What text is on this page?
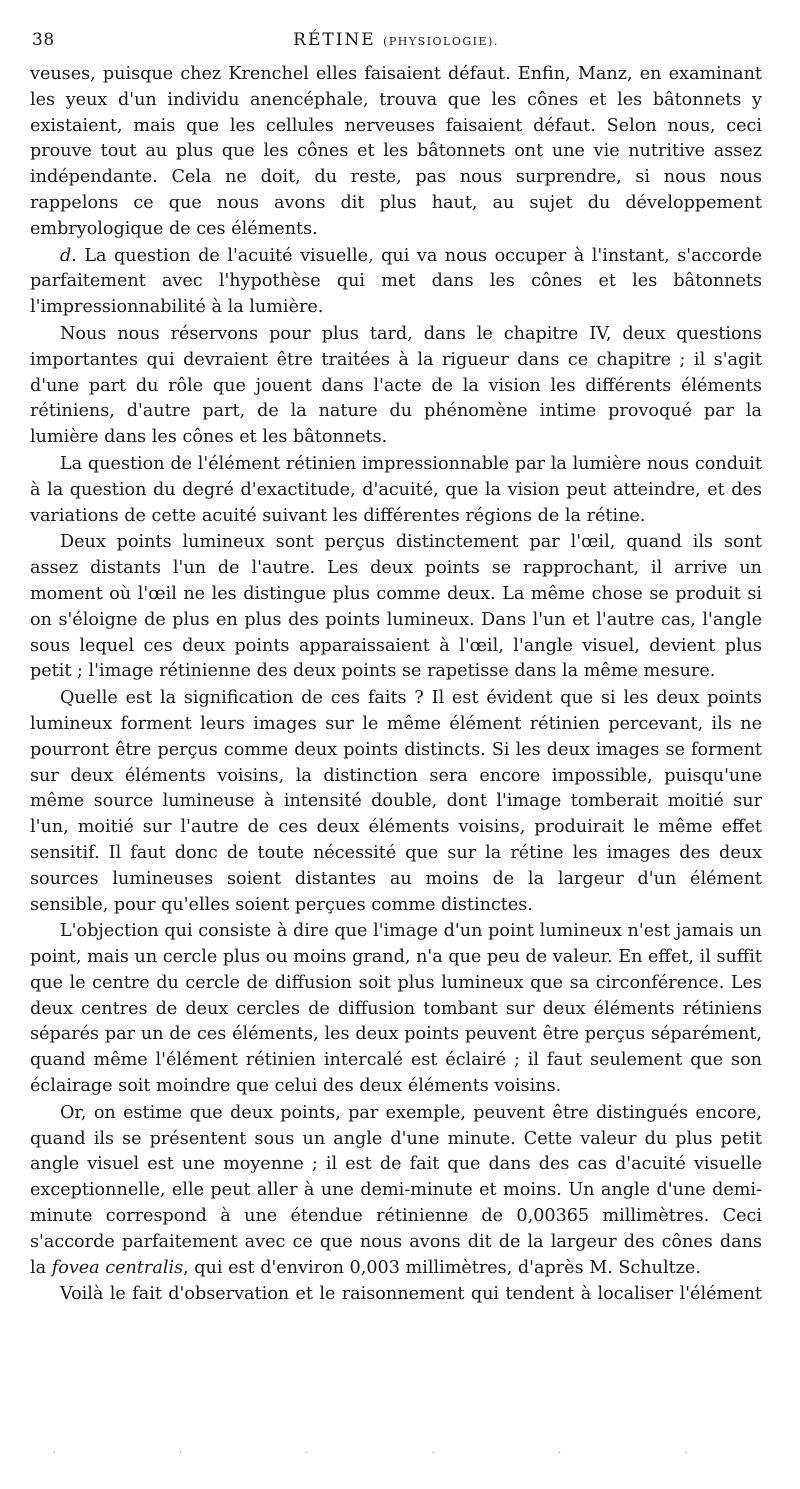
38	RÉTINE (PHYSIOLOGIE).

veuses, puisque chez Krenchel elles faisaient défaut. Enfin, Manz, en examinant les yeux d'un individu anencéphale, trouva que les cônes et les bâtonnets y existaient, mais que les cellules nerveuses faisaient défaut. Selon nous, ceci prouve tout au plus que les cônes et les bâtonnets ont une vie nutritive assez indépendante. Cela ne doit, du reste, pas nous surprendre, si nous nous rappelons ce que nous avons dit plus haut, au sujet du développement embryologique de ces éléments.

d. La question de l'acuité visuelle, qui va nous occuper à l'instant, s'accorde parfaitement avec l'hypothèse qui met dans les cônes et les bâtonnets l'impressionnabilité à la lumière.

Nous nous réservons pour plus tard, dans le chapitre IV, deux questions importantes qui devraient être traitées à la rigueur dans ce chapitre ; il s'agit d'une part du rôle que jouent dans l'acte de la vision les différents éléments rétiniens, d'autre part, de la nature du phénomène intime provoqué par la lumière dans les cônes et les bâtonnets.

La question de l'élément rétinien impressionnable par la lumière nous conduit à la question du degré d'exactitude, d'acuité, que la vision peut atteindre, et des variations de cette acuité suivant les différentes régions de la rétine.

Deux points lumineux sont perçus distinctement par l'œil, quand ils sont assez distants l'un de l'autre. Les deux points se rapprochant, il arrive un moment où l'œil ne les distingue plus comme deux. La même chose se produit si on s'éloigne de plus en plus des points lumineux. Dans l'un et l'autre cas, l'angle sous lequel ces deux points apparaissaient à l'œil, l'angle visuel, devient plus petit ; l'image rétinienne des deux points se rapetisse dans la même mesure.

Quelle est la signification de ces faits ? Il est évident que si les deux points lumineux forment leurs images sur le même élément rétinien percevant, ils ne pourront être perçus comme deux points distincts. Si les deux images se forment sur deux éléments voisins, la distinction sera encore impossible, puisqu'une même source lumineuse à intensité double, dont l'image tomberait moitié sur l'un, moitié sur l'autre de ces deux éléments voisins, produirait le même effet sensitif. Il faut donc de toute nécessité que sur la rétine les images des deux sources lumineuses soient distantes au moins de la largeur d'un élément sensible, pour qu'elles soient perçues comme distinctes.

L'objection qui consiste à dire que l'image d'un point lumineux n'est jamais un point, mais un cercle plus ou moins grand, n'a que peu de valeur. En effet, il suffit que le centre du cercle de diffusion soit plus lumineux que sa circonférence. Les deux centres de deux cercles de diffusion tombant sur deux éléments rétiniens séparés par un de ces éléments, les deux points peuvent être perçus séparément, quand même l'élément rétinien intercalé est éclairé ; il faut seulement que son éclairage soit moindre que celui des deux éléments voisins.

Or, on estime que deux points, par exemple, peuvent être distingués encore, quand ils se présentent sous un angle d'une minute. Cette valeur du plus petit angle visuel est une moyenne ; il est de fait que dans des cas d'acuité visuelle exceptionnelle, elle peut aller à une demi-minute et moins. Un angle d'une demi-minute correspond à une étendue rétinienne de 0,00365 millimètres. Ceci s'accorde parfaitement avec ce que nous avons dit de la largeur des cônes dans la fovea centralis, qui est d'environ 0,003 millimètres, d'après M. Schultze.

Voilà le fait d'observation et le raisonnement qui tendent à localiser l'élément

· · · · · ·
